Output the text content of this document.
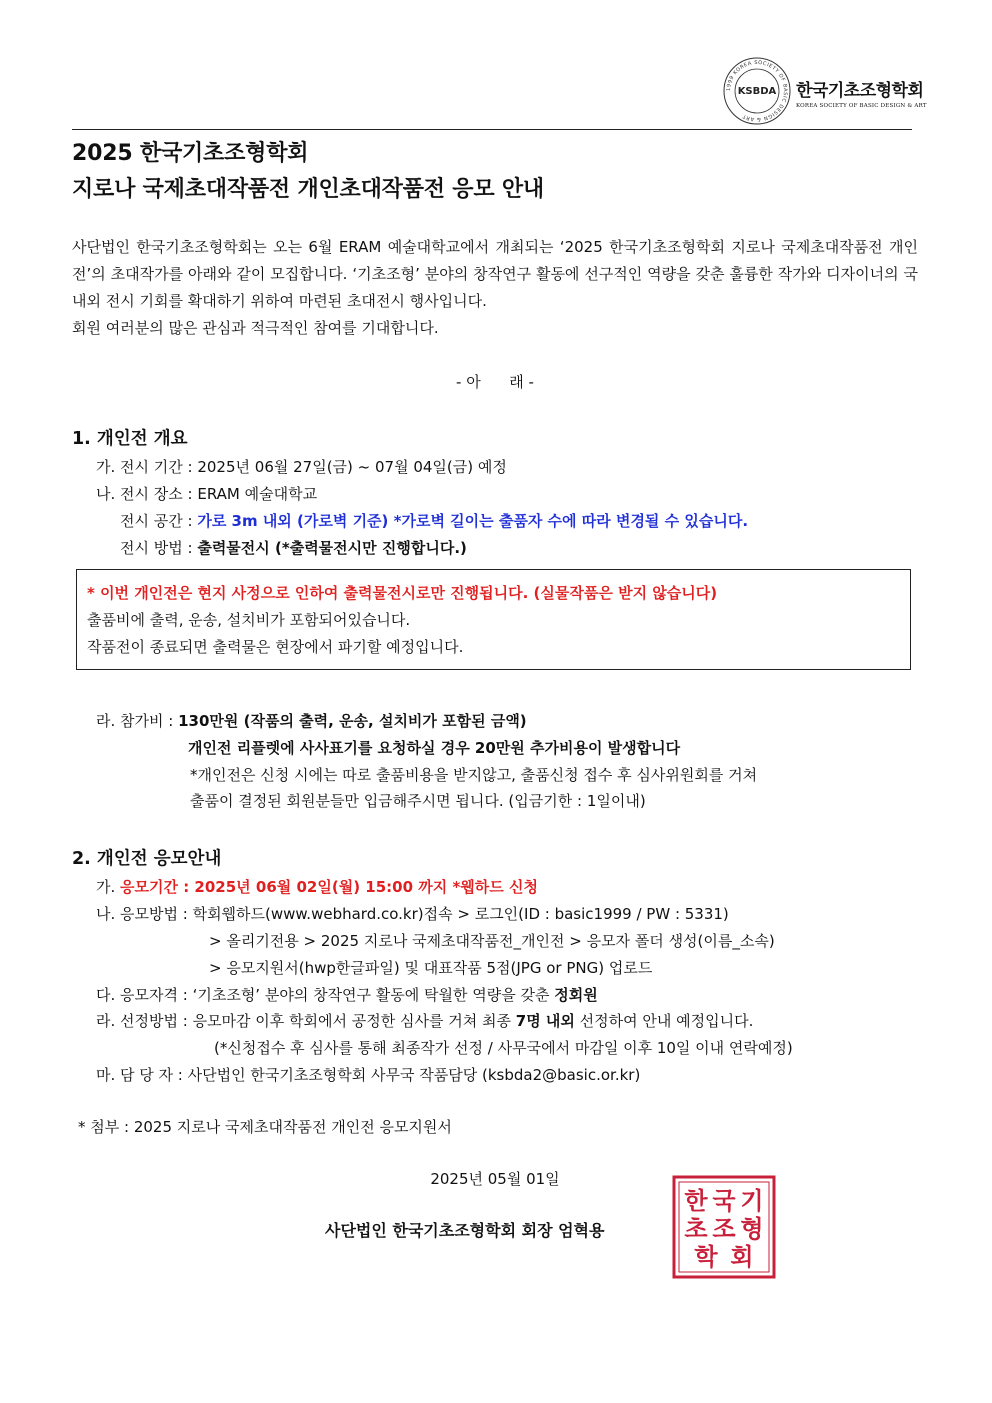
1999 KOREA SOCIETY OF BASIC DESIGN & ART
KSBDA 한국기초조형학회
KOREA SOCIETY OF BASIC DESIGN & ART
2025 한국기초조형학회
지로나 국제초대작품전 개인초대작품전 응모 안내

사단법인 한국기초조형학회는 오는 6월 ERAM 예술대학교에서 개최되는 ‘2025 한국기초조형학회 지로나 국제초대작품전 개인전’의 초대작가를 아래와 같이 모집합니다. ‘기초조형’ 분야의 창작연구 활동에 선구적인 역량을 갖춘 훌륭한 작가와 디자이너의 국내외 전시 기회를 확대하기 위하여 마련된 초대전시 행사입니다.

회원 여러분의 많은 관심과 적극적인 참여를 기대합니다.

- 아      래 -
1. 개인전 개요
가. 전시 기간 : 2025년 06월 27일(금) ~ 07월 04일(금) 예정
나. 전시 장소 : ERAM 예술대학교
전시 공간 : 가로 3m 내외 (가로벽 기준) *가로벽 길이는 출품자 수에 따라 변경될 수 있습니다.
전시 방법 : 출력물전시 (*출력물전시만 진행합니다.)
* 이번 개인전은 현지 사정으로 인하여 출력물전시로만 진행됩니다. (실물작품은 받지 않습니다)
출품비에 출력, 운송, 설치비가 포함되어있습니다.
작품전이 종료되면 출력물은 현장에서 파기할 예정입니다.
라. 참가비 : 130만원 (작품의 출력, 운송, 설치비가 포함된 금액)
개인전 리플렛에 사사표기를 요청하실 경우 20만원 추가비용이 발생합니다
*개인전은 신청 시에는 따로 출품비용을 받지않고, 출품신청 접수 후 심사위원회를 거쳐
출품이 결정된 회원분들만 입금해주시면 됩니다. (입금기한 : 1일이내)
2. 개인전 응모안내
가. 응모기간 : 2025년 06월 02일(월) 15:00 까지 *웹하드 신청
나. 응모방법 : 학회웹하드(www.webhard.co.kr)접속 > 로그인(ID : basic1999 / PW : 5331)
> 올리기전용 > 2025 지로나 국제초대작품전_개인전 > 응모자 폴더 생성(이름_소속)
> 응모지원서(hwp한글파일) 및 대표작품 5점(JPG or PNG) 업로드
다. 응모자격 : ‘기초조형’ 분야의 창작연구 활동에 탁월한 역량을 갖춘 정회원
라. 선정방법 : 응모마감 이후 학회에서 공정한 심사를 거쳐 최종 7명 내외 선정하여 안내 예정입니다.
(*신청접수 후 심사를 통해 최종작가 선정 / 사무국에서 마감일 이후 10일 이내 연락예정)
마. 담 당 자 : 사단법인 한국기초조형학회 사무국 작품담당 (ksbda2@basic.or.kr)
* 첨부 : 2025 지로나 국제초대작품전 개인전 응모지원서
2025년 05월 01일
사단법인 한국기초조형학회 회장 엄혁용
한 국 기
초 조 형
학 회
